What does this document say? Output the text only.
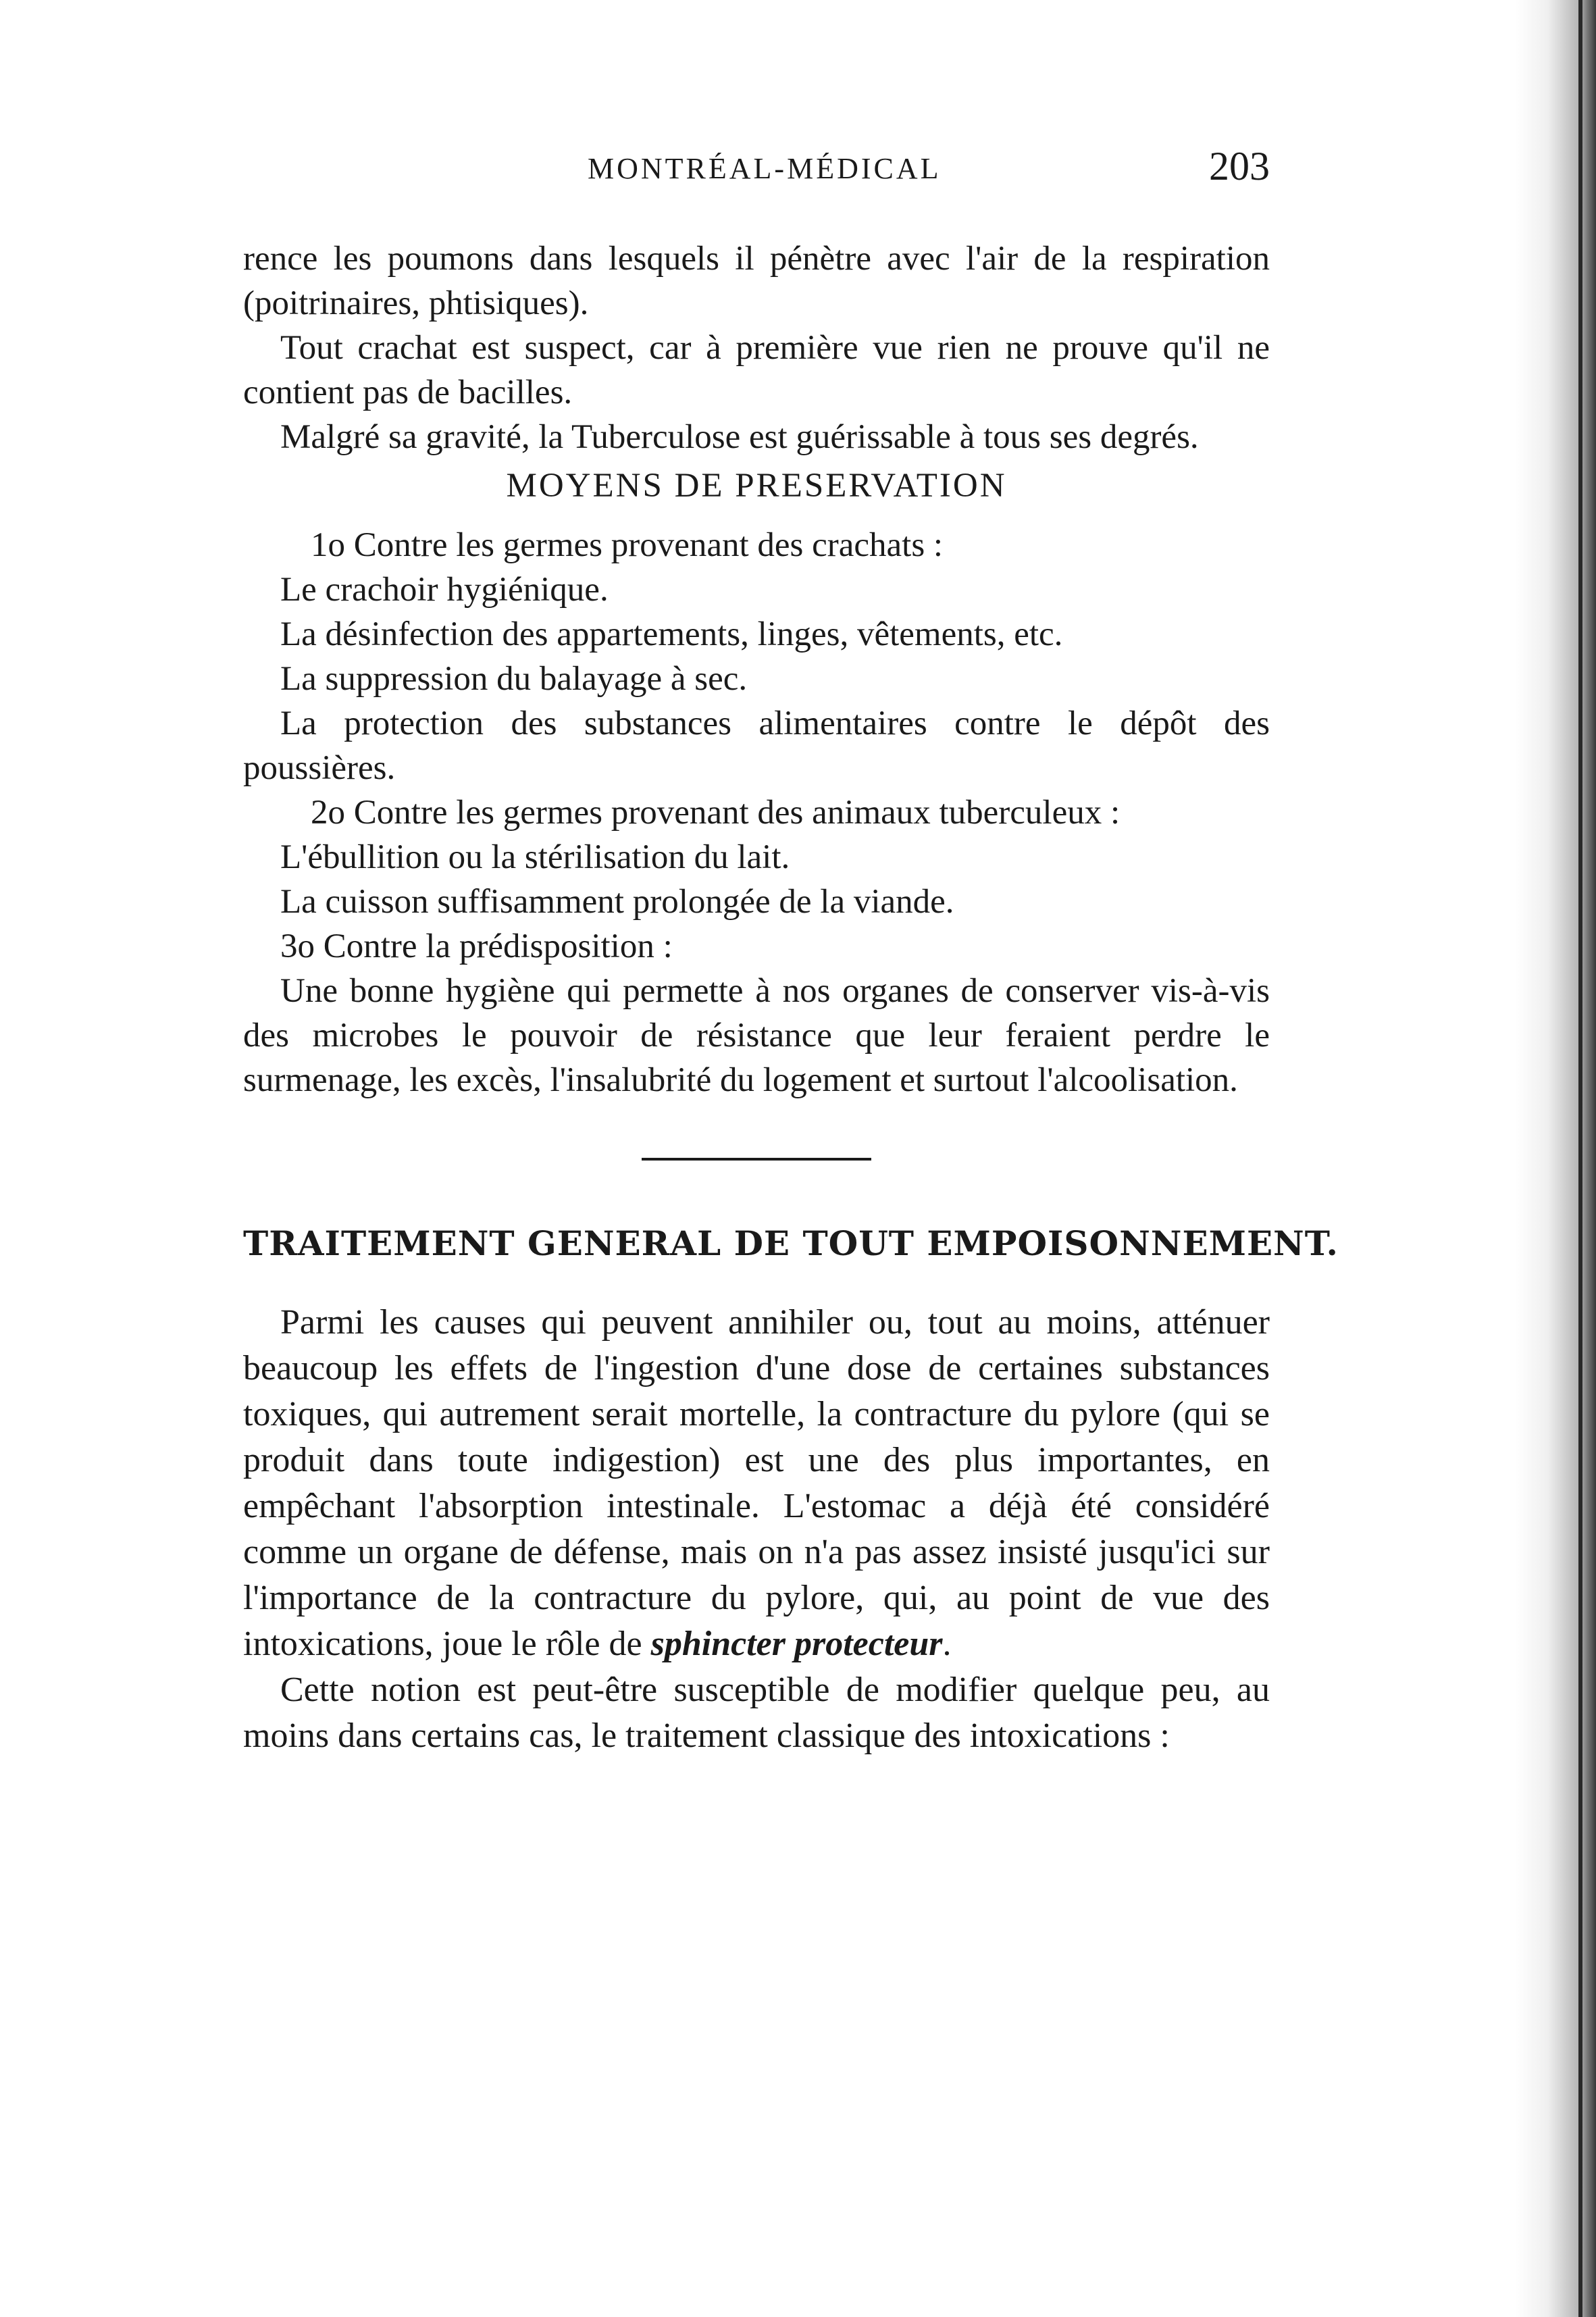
MONTRÉAL-MÉDICAL	203

rence les poumons dans lesquels il pénètre avec l'air de la respiration (poitrinaires, phtisiques).

Tout crachat est suspect, car à première vue rien ne prouve qu'il ne contient pas de bacilles.

Malgré sa gravité, la Tuberculose est guérissable à tous ses degrés.

MOYENS DE PRESERVATION

1o Contre les germes provenant des crachats :

Le crachoir hygiénique.

La désinfection des appartements, linges, vêtements, etc.

La suppression du balayage à sec.

La protection des substances alimentaires contre le dépôt des poussières.

2o Contre les germes provenant des animaux tuberculeux :

L'ébullition ou la stérilisation du lait.

La cuisson suffisamment prolongée de la viande.

3o Contre la prédisposition :

Une bonne hygiène qui permette à nos organes de conserver vis-à-vis des microbes le pouvoir de résistance que leur feraient perdre le surmenage, les excès, l'insalubrité du logement et surtout l'alcoolisation.

TRAITEMENT GENERAL DE TOUT EMPOISONNEMENT.

Parmi les causes qui peuvent annihiler ou, tout au moins, atténuer beaucoup les effets de l'ingestion d'une dose de certaines substances toxiques, qui autrement serait mortelle, la contracture du pylore (qui se produit dans toute indigestion) est une des plus importantes, en empêchant l'absorption intestinale. L'estomac a déjà été considéré comme un organe de défense, mais on n'a pas assez insisté jusqu'ici sur l'importance de la contracture du pylore, qui, au point de vue des intoxications, joue le rôle de sphincter protecteur.

Cette notion est peut-être susceptible de modifier quelque peu, au moins dans certains cas, le traitement classique des intoxications :
